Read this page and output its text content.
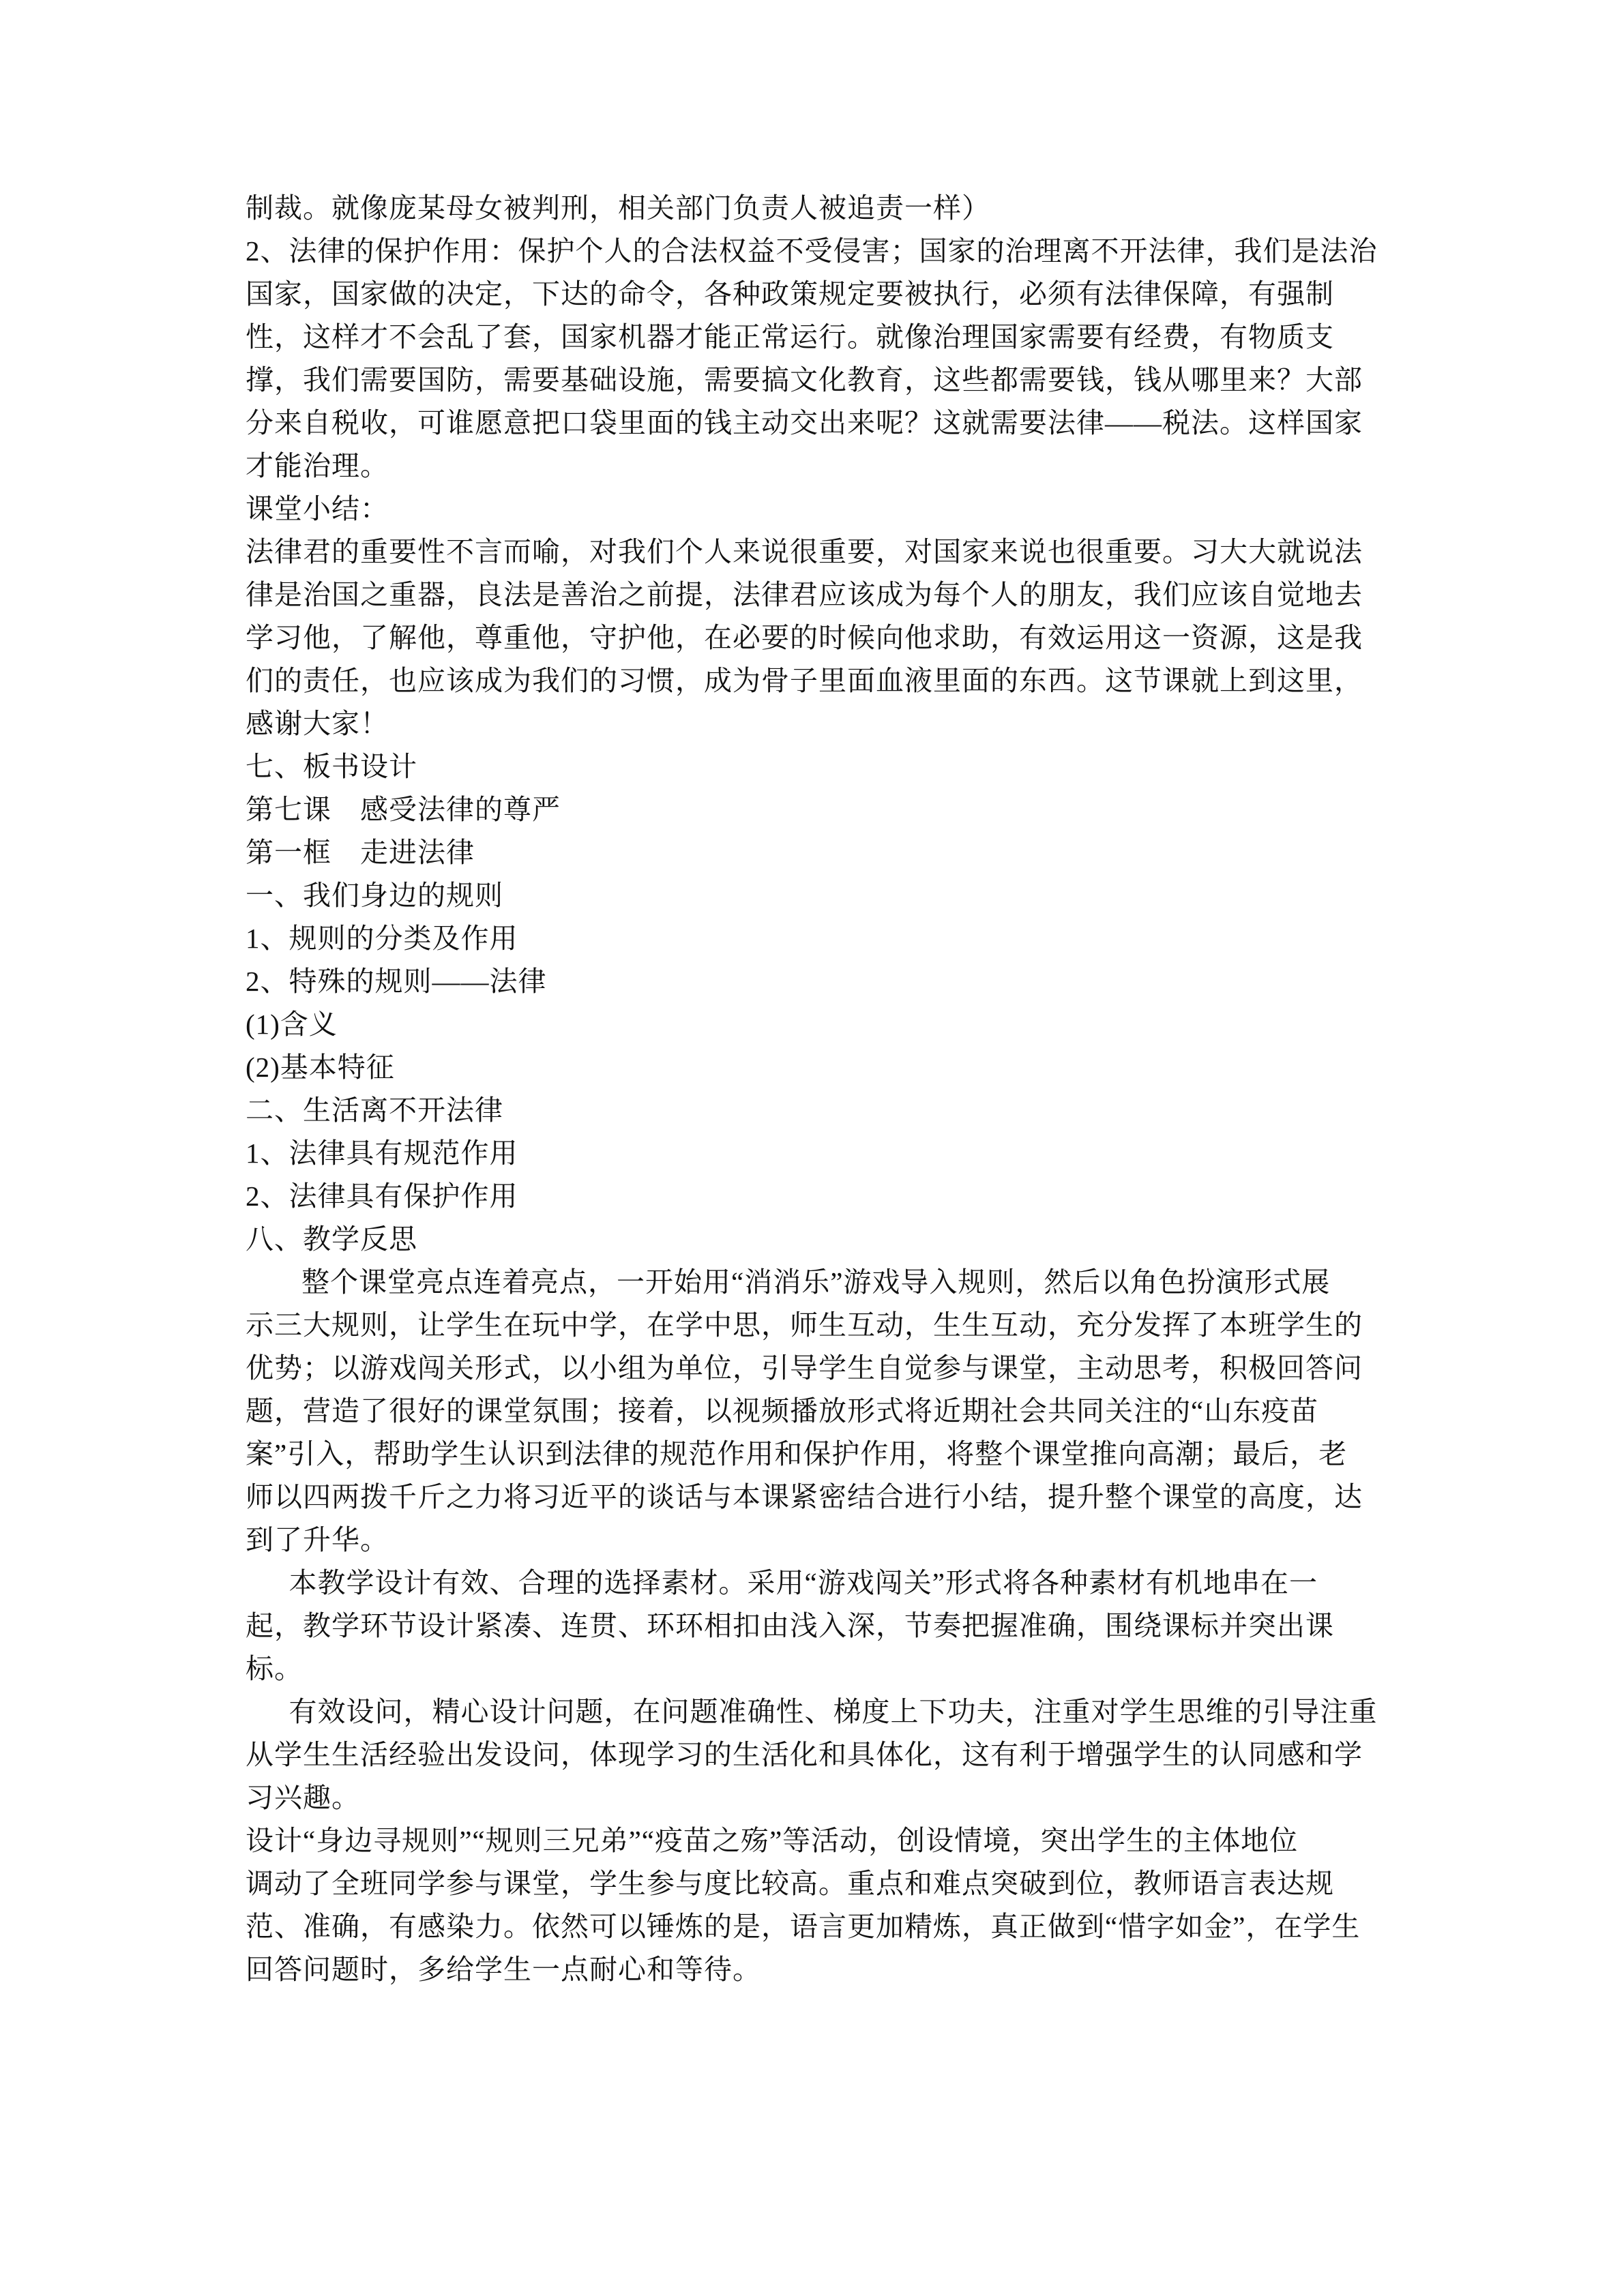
制裁。就像庞某母女被判刑，相关部门负责人被追责一样）
2、法律的保护作用：保护个人的合法权益不受侵害；国家的治理离不开法律，我们是法治
国家，国家做的决定，下达的命令，各种政策规定要被执行，必须有法律保障，有强制
性，这样才不会乱了套，国家机器才能正常运行。就像治理国家需要有经费，有物质支
撑，我们需要国防，需要基础设施，需要搞文化教育，这些都需要钱，钱从哪里来？大部
分来自税收，可谁愿意把口袋里面的钱主动交出来呢？这就需要法律——税法。这样国家
才能治理。
课堂小结：
法律君的重要性不言而喻，对我们个人来说很重要，对国家来说也很重要。习大大就说法
律是治国之重器，良法是善治之前提，法律君应该成为每个人的朋友，我们应该自觉地去
学习他，了解他，尊重他，守护他，在必要的时候向他求助，有效运用这一资源，这是我
们的责任，也应该成为我们的习惯，成为骨子里面血液里面的东西。这节课就上到这里，
感谢大家！
七、板书设计
第七课　感受法律的尊严
第一框　走进法律
一、我们身边的规则
1、规则的分类及作用
2、特殊的规则——法律
(1)含义
(2)基本特征
二、生活离不开法律
1、法律具有规范作用
2、法律具有保护作用
八、教学反思
整个课堂亮点连着亮点，一开始用“消消乐”游戏导入规则，然后以角色扮演形式展
示三大规则，让学生在玩中学，在学中思，师生互动，生生互动，充分发挥了本班学生的
优势；以游戏闯关形式，以小组为单位，引导学生自觉参与课堂，主动思考，积极回答问
题，营造了很好的课堂氛围；接着，以视频播放形式将近期社会共同关注的“山东疫苗
案”引入，帮助学生认识到法律的规范作用和保护作用，将整个课堂推向高潮；最后，老
师以四两拨千斤之力将习近平的谈话与本课紧密结合进行小结，提升整个课堂的高度，达
到了升华。
本教学设计有效、合理的选择素材。采用“游戏闯关”形式将各种素材有机地串在一
起，教学环节设计紧凑、连贯、环环相扣由浅入深，节奏把握准确，围绕课标并突出课
标。
有效设问，精心设计问题，在问题准确性、梯度上下功夫，注重对学生思维的引导注重
从学生生活经验出发设问，体现学习的生活化和具体化，这有利于增强学生的认同感和学
习兴趣。
设计“身边寻规则”“规则三兄弟”“疫苗之殇”等活动，创设情境，突出学生的主体地位
调动了全班同学参与课堂，学生参与度比较高。重点和难点突破到位，教师语言表达规
范、准确，有感染力。依然可以锤炼的是，语言更加精炼，真正做到“惜字如金”，在学生
回答问题时，多给学生一点耐心和等待。
